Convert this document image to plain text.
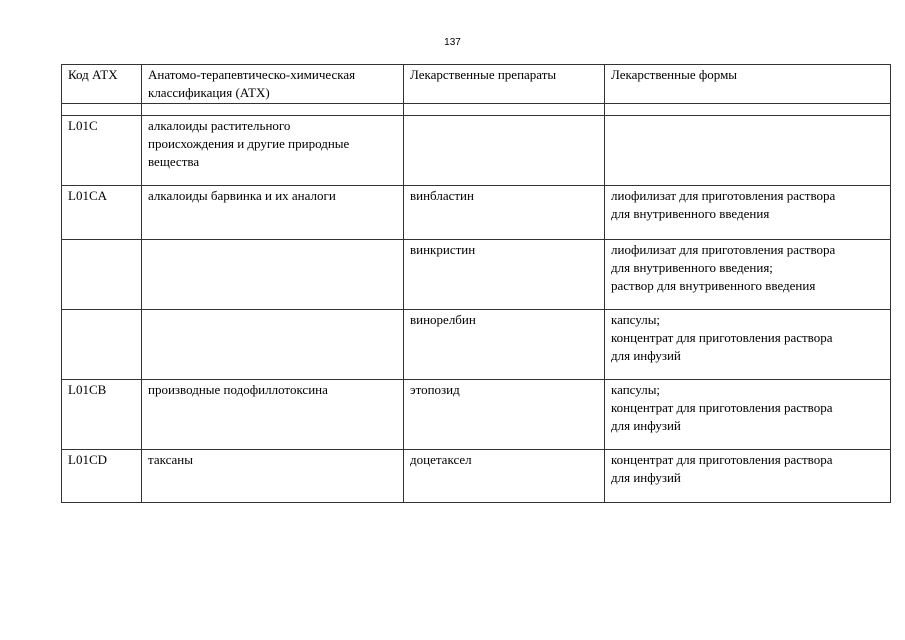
137
Код АТХ	Анатомо-терапевтическо-химическая
классификация (АТХ)	Лекарственные препараты	Лекарственные формы

L01C	алкалоиды растительного
происхождения и другие природные
вещества		

L01CA	алкалоиды барвинка и их аналоги	винбластин	лиофилизат для приготовления раствора
для внутривенного введения

		винкристин	лиофилизат для приготовления раствора
для внутривенного введения;
раствор для внутривенного введения

		винорелбин	капсулы;
концентрат для приготовления раствора
для инфузий

L01CB	производные подофиллотоксина	этопозид	капсулы;
концентрат для приготовления раствора
для инфузий

L01CD	таксаны	доцетаксел	концентрат для приготовления раствора
для инфузий
